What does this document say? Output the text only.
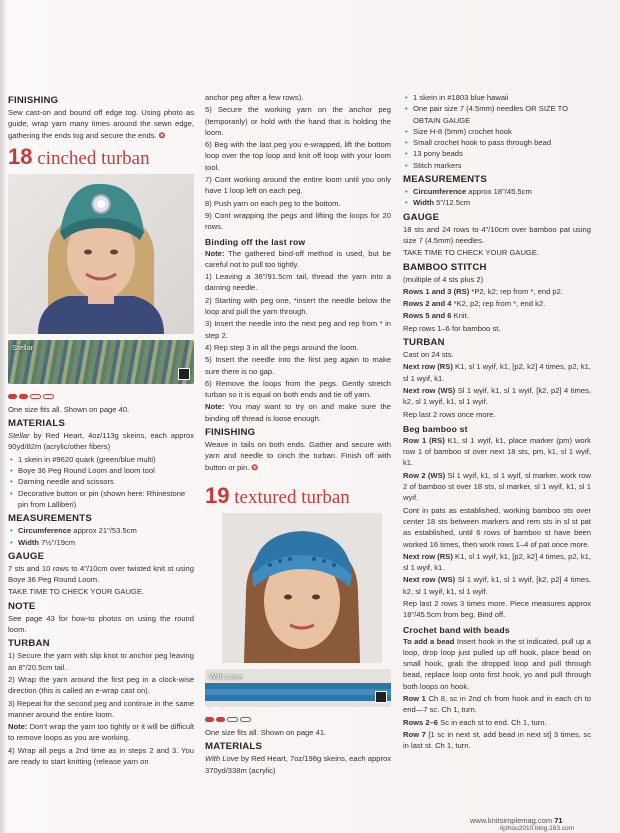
FINISHING
Sew cast-on and bound off edge tog. Using photo as guide, wrap yarn many times around the sewn edge, gathering the ends tog and secure the ends. ✪
18 cinched turban
Stellar
One size fits all. Shown on page 40.
MATERIALS
Stellar by Red Heart, 4oz/113g skeins, each approx 90yd/82m (acrylic/other fibers)
• 1 skein in #9620 quark (green/blue multi)
• Boye 36 Peg Round Loom and loom tool
• Darning needle and scissors
• Decorative button or pin (shown here: Rhinestone pin from Lalliberi)
MEASUREMENTS
• Circumference approx 21"/53.5cm
• Width 7½"/19cm
GAUGE
7 sts and 10 rows to 4"/10cm over twisted knit st using Boye 36 Peg Round Loom.
TAKE TIME TO CHECK YOUR GAUGE.
NOTE
See page 43 for how-to photos on using the round loom.
TURBAN
1) Secure the yarn with slip knot to anchor peg leaving an 8"/20.5cm tail.
2) Wrap the yarn around the first peg in a clock-wise direction (this is called an e-wrap cast on).
3) Repeat for the second peg and continue in the same manner around the entire loom.
Note: Don't wrap the yarn too tightly or it will be difficult to remove loops as you are working.
4) Wrap all pegs a 2nd time as in steps 2 and 3. You are ready to start knitting (release yarn on
anchor peg after a few rows).
5) Secure the working yarn on the anchor peg (temporarily) or hold with the hand that is holding the loom.
6) Beg with the last peg you e-wrapped, lift the bottom loop over the top loop and knit off loop with your loom tool.
7) Cont working around the entire loom until you only have 1 loop left on each peg.
8) Push yarn on each peg to the bottom.
9) Cont wrapping the pegs and lifting the loops for 20 rows.
Binding off the last row
Note: The gathered bind-off method is used, but be careful not to pull too tightly.
1) Leaving a 36"/91.5cm tail, thread the yarn into a darning needle.
2) Starting with peg one, *insert the needle below the loop and pull the yarn through.
3) Insert the needle into the next peg and rep from * in step 2.
4) Rep step 3 in all the pegs around the loom.
5) Insert the needle into the first peg again to make sure there is no gap.
6) Remove the loops from the pegs. Gently stretch turban so it is equal on both ends and tie off yarn.
Note: You may want to try on and make sure the binding off thread is loose enough.
FINISHING
Weave in tails on both ends. Gather and secure with yarn and needle to cinch the turban. Finish off with button or pin. ✪
19 textured turban
With Love
One size fits all. Shown on page 41.
MATERIALS
With Love by Red Heart, 7oz/198g skeins, each approx 370yd/338m (acrylic)
• 1 skein in #1803 blue hawaii
• One pair size 7 (4.5mm) needles OR SIZE TO OBTAIN GAUGE
• Size H-8 (5mm) crochet hook
• Small crochet hook to pass through bead
• 13 pony beads
• Stitch markers
MEASUREMENTS
• Circumference approx 18"/45.5cm
• Width 5"/12.5cm
GAUGE
18 sts and 24 rows to 4"/10cm over bamboo pat using size 7 (4.5mm) needles.
TAKE TIME TO CHECK YOUR GAUGE.
BAMBOO STITCH
(multiple of 4 sts plus 2)
Rows 1 and 3 (RS) *P2, k2; rep from *, end p2.
Rows 2 and 4 *K2, p2; rep from *, end k2.
Rows 5 and 6 Knit.
Rep rows 1–6 for bamboo st.
TURBAN
Cast on 24 sts.
Next row (RS) K1, sl 1 wyif, k1, [p2, k2] 4 times, p2, k1, sl 1 wyif, k1.
Next row (WS) Sl 1 wyif, k1, sl 1 wyif, [k2, p2] 4 times, k2, sl 1 wyif, k1, sl 1 wyif.
Rep last 2 rows once more.
Beg bamboo st
Row 1 (RS) K1, sl 1 wyif, k1, place marker (pm) work row 1 of bamboo st over next 18 sts, pm, k1, sl 1 wyif, k1.
Row 2 (WS) Sl 1 wyif, k1, sl 1 wyif, sl marker, work row 2 of bamboo st over 18 sts, sl marker, sl 1 wyif, k1, sl 1 wyif.
Cont in pats as established, working bamboo sts over center 18 sts between markers and rem sts in sl st pat as established, until 6 rows of bamboo st have been worked 16 times, then work rows 1–4 of pat once more.
Next row (RS) K1, sl 1 wyif, k1, [p2, k2] 4 times, p2, k1, sl 1 wyif, k1.
Next row (WS) Sl 1 wyif, k1, sl 1 wyif, [k2, p2] 4 times, k2, sl 1 wyif, k1, sl 1 wyif.
Rep last 2 rows 3 times more. Piece measures approx 18"/45.5cm from beg. Bind off.
Crochet band with beads
To add a bead Insert hook in the st indicated, pull up a loop, drop loop just pulled up off hook, place bead on small hook, grab the dropped loop and pull through bead, replace loop onto first hook, yo and pull through both loops on hook.
Row 1 Ch 8, sc in 2nd ch from hook and in each ch to end—7 sc. Ch 1, turn.
Rows 2–6 Sc in each st to end. Ch 1, turn.
Row 7 [1 sc in next st, add bead in next st] 3 times, sc in last st. Ch 1, turn.
www.knitsimplemag.com 71
tijzhou2010.blog.163.com
